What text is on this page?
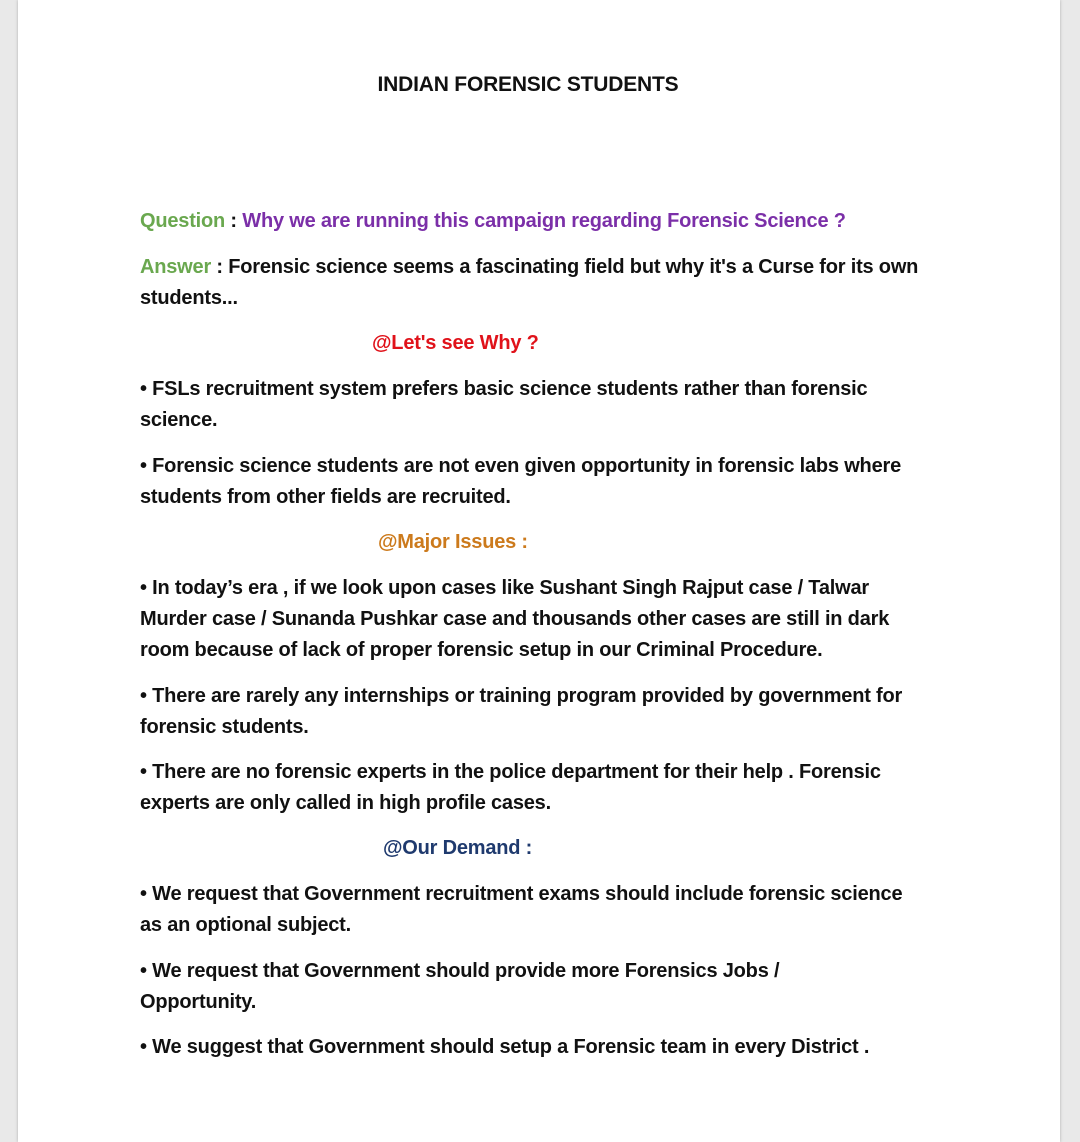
INDIAN FORENSIC STUDENTS

Question : Why we are running this campaign regarding Forensic Science ?

Answer : Forensic science seems a fascinating field but why it's a Curse for its own students...

@Let's see Why ?

• FSLs recruitment system prefers basic science students rather than forensic science.

• Forensic science students are not even given opportunity in forensic labs where students from other fields are recruited.

@Major Issues :

• In today’s era , if we look upon cases like Sushant Singh Rajput case / Talwar Murder case / Sunanda Pushkar case and thousands other cases are still in dark room because of lack of proper forensic setup in our Criminal Procedure.

• There are rarely any internships or training program provided by government for forensic students.

• There are no forensic experts in the police department for their help . Forensic experts are only called in high profile cases.

@Our Demand :

• We request that Government recruitment exams should include forensic science as an optional subject.

• We request that Government should provide more Forensics Jobs / Opportunity.

• We suggest that Government should setup a Forensic team in every District .
